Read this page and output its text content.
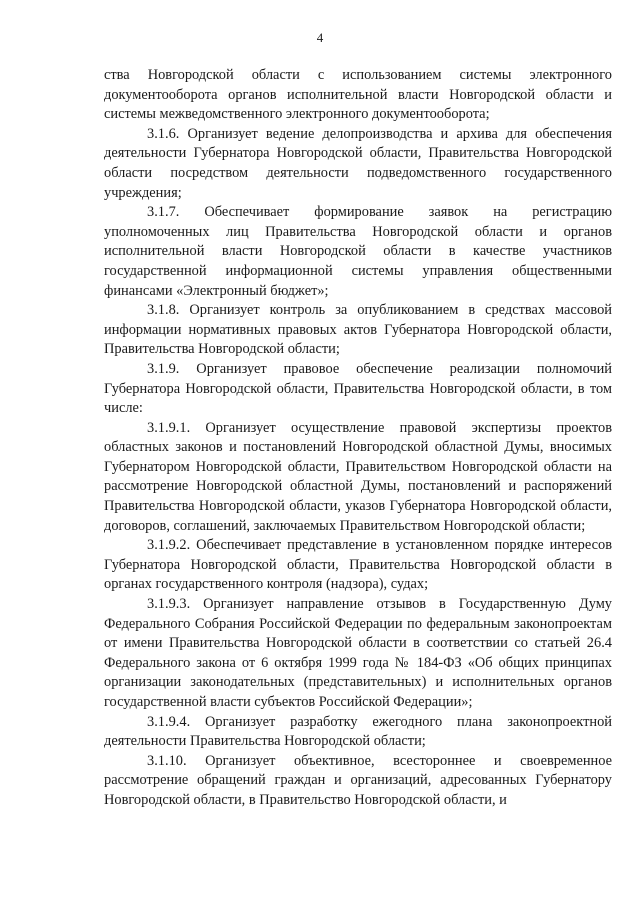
4

ства Новгородской области с использованием системы электронного документооборота органов исполнительной власти Новгородской области и системы межведомственного электронного документооборота;

3.1.6. Организует ведение делопроизводства и архива для обеспечения деятельности Губернатора Новгородской области, Правительства Новгородской области посредством деятельности подведомственного государственного учреждения;

3.1.7. Обеспечивает формирование заявок на регистрацию уполномоченных лиц Правительства Новгородской области и органов исполнительной власти Новгородской области в качестве участников государственной информационной системы управления общественными финансами «Электронный бюджет»;

3.1.8. Организует контроль за опубликованием в средствах массовой информации нормативных правовых актов Губернатора Новгородской области, Правительства Новгородской области;

3.1.9. Организует правовое обеспечение реализации полномочий Губернатора Новгородской области, Правительства Новгородской области, в том числе:

3.1.9.1. Организует осуществление правовой экспертизы проектов областных законов и постановлений Новгородской областной Думы, вносимых Губернатором Новгородской области, Правительством Новгородской области на рассмотрение Новгородской областной Думы, постановлений и распоряжений Правительства Новгородской области, указов Губернатора Новгородской области, договоров, соглашений, заключаемых Правительством Новгородской области;

3.1.9.2. Обеспечивает представление в установленном порядке интересов Губернатора Новгородской области, Правительства Новгородской области в органах государственного контроля (надзора), судах;

3.1.9.3. Организует направление отзывов в Государственную Думу Федерального Собрания Российской Федерации по федеральным законопроектам от имени Правительства Новгородской области в соответствии со статьей 26.4 Федерального закона от 6 октября 1999 года № 184-ФЗ «Об общих принципах организации законодательных (представительных) и исполнительных органов государственной власти субъектов Российской Федерации»;

3.1.9.4. Организует разработку ежегодного плана законопроектной деятельности Правительства Новгородской области;

3.1.10. Организует объективное, всестороннее и своевременное рассмотрение обращений граждан и организаций, адресованных Губернатору Новгородской области, в Правительство Новгородской области, и
